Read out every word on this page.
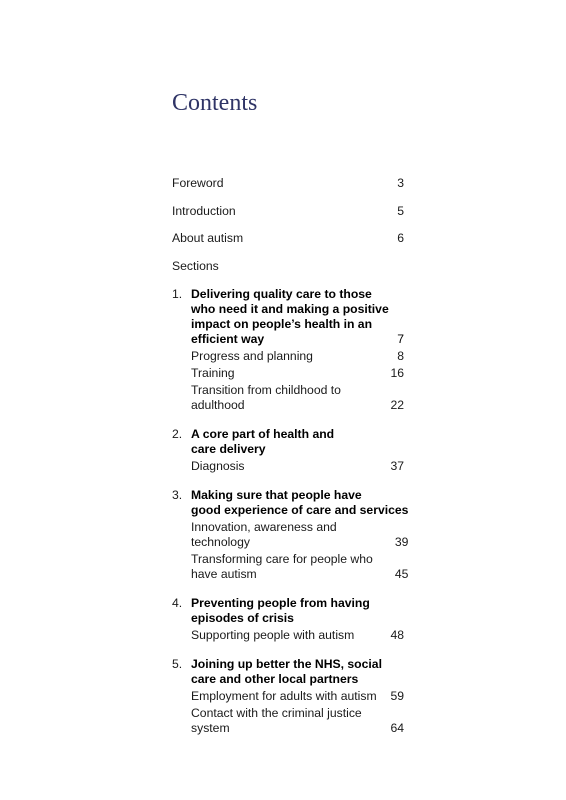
Contents
Foreword	3
Introduction	5
About autism	6
Sections
1. Delivering quality care to those
who need it and making a positive
impact on people’s health in an
efficient way	7
Progress and planning	8
Training	16
Transition from childhood to
adulthood	22
2. A core part of health and
care delivery
Diagnosis	37
3. Making sure that people have
good experience of care and services
Innovation, awareness and
technology	39
Transforming care for people who
have autism	45
4. Preventing people from having
episodes of crisis
Supporting people with autism	48
5. Joining up better the NHS, social
care and other local partners
Employment for adults with autism	59
Contact with the criminal justice
system	64
